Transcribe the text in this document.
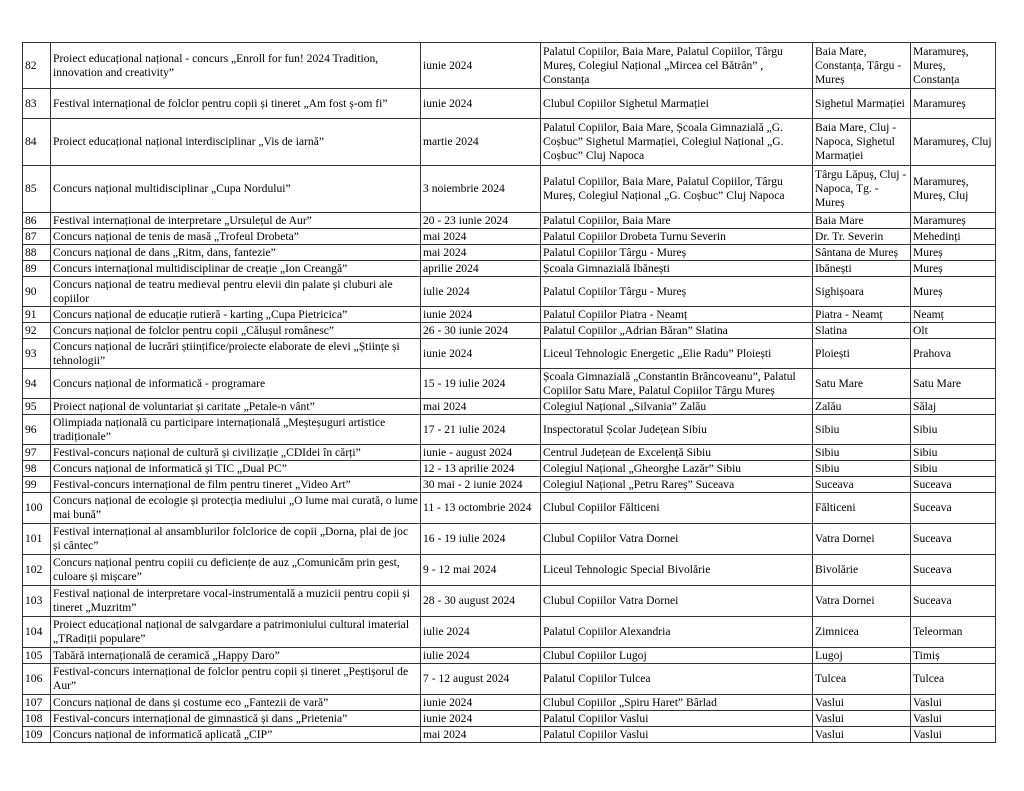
82	Proiect educațional național - concurs „Enroll for fun! 2024 Tradition, innovation and creativity”	iunie 2024	Palatul Copiilor, Baia Mare, Palatul Copiilor, Târgu Mureș, Colegiul Național „Mircea cel Bătrân” , Constanța	Baia Mare, Constanța, Târgu - Mureș	Maramureș, Mureș, Constanța
83	Festival internațional de folclor pentru copii și tineret „Am fost ș-om fi”	iunie 2024	Clubul Copiilor Sighetul Marmației	Sighetul Marmației	Maramureș
84	Proiect educațional național interdisciplinar „Vis de iarnă”	martie 2024	Palatul Copiilor, Baia Mare, Școala Gimnazială „G. Coșbuc” Sighetul Marmației, Colegiul Național „G. Coșbuc” Cluj Napoca	Baia Mare, Cluj - Napoca, Sighetul Marmației	Maramureș, Cluj
85	Concurs național multidisciplinar „Cupa Nordului”	3 noiembrie 2024	Palatul Copiilor, Baia Mare, Palatul Copiilor, Târgu Mureș, Colegiul Național „G. Coșbuc” Cluj Napoca	Târgu Lăpuș, Cluj - Napoca, Tg. - Mureș	Maramureș, Mureș, Cluj
86	Festival internațional de interpretare „Ursulețul de Aur”	20 - 23 iunie 2024	Palatul Copiilor, Baia Mare	Baia Mare	Maramureș
87	Concurs național de tenis de masă „Trofeul Drobeta”	mai 2024	Palatul Copiilor Drobeta Turnu Severin	Dr. Tr. Severin	Mehedinți
88	Concurs național de dans „Ritm, dans, fantezie”	mai 2024	Palatul Copiilor Târgu - Mureș	Sântana de Mureș	Mureș
89	Concurs internațional multidisciplinar de creație „Ion Creangă”	aprilie 2024	Școala Gimnazială Ibănești	Ibănești	Mureș
90	Concurs național de teatru medieval pentru elevii din palate și cluburi ale copiilor	iulie 2024	Palatul Copiilor Târgu - Mureș	Sighișoara	Mureș
91	Concurs național de educație rutieră - karting „Cupa Pietricica”	iunie 2024	Palatul Copiilor Piatra - Neamț	Piatra - Neamț	Neamț
92	Concurs național de folclor pentru copii „Călușul românesc”	26 - 30 iunie 2024	Palatul Copiilor „Adrian Băran” Slatina	Slatina	Olt
93	Concurs național de lucrări științifice/proiecte elaborate de elevi „Științe și tehnologii”	iunie 2024	Liceul Tehnologic Energetic „Elie Radu” Ploiești	Ploiești	Prahova
94	Concurs național de informatică - programare	15 - 19 iulie 2024	Școala Gimnazială „Constantin Brâncoveanu”, Palatul Copiilor Satu Mare, Palatul Copiilor Târgu Mureș	Satu Mare	Satu Mare
95	Proiect național de voluntariat și caritate „Petale-n vânt”	mai 2024	Colegiul Național „Silvania” Zalău	Zalău	Sălaj
96	Olimpiada națională cu participare internațională „Meșteșuguri artistice tradiționale”	17 - 21 iulie 2024	Inspectoratul Școlar Județean Sibiu	Sibiu	Sibiu
97	Festival-concurs național de cultură și civilizație „CDIdei în cărți”	iunie - august 2024	Centrul Județean de Excelență Sibiu	Sibiu	Sibiu
98	Concurs național de informatică și TIC „Dual PC”	12 - 13 aprilie 2024	Colegiul Național „Gheorghe Lazăr” Sibiu	Sibiu	Sibiu
99	Festival-concurs internațional de film pentru tineret „Video Art”	30 mai - 2 iunie 2024	Colegiul Național „Petru Rareș” Suceava	Suceava	Suceava
100	Concurs național de ecologie și protecția mediului „O lume mai curată, o lume mai bună”	11 - 13 octombrie 2024	Clubul Copiilor Fălticeni	Fălticeni	Suceava
101	Festival internațional al ansamblurilor folclorice de copii „Dorna, plai de joc și cântec”	16 - 19 iulie 2024	Clubul Copiilor Vatra Dornei	Vatra Dornei	Suceava
102	Concurs național pentru copiii cu deficiențe de auz „Comunicăm prin gest, culoare și mișcare”	9 - 12 mai 2024	Liceul Tehnologic Special Bivolărie	Bivolărie	Suceava
103	Festival național de interpretare vocal-instrumentală a muzicii pentru copii și tineret „Muzritm”	28 - 30 august 2024	Clubul Copiilor Vatra Dornei	Vatra Dornei	Suceava
104	Proiect educațional național de salvgardare a patrimoniului cultural imaterial „TRadiții populare”	iulie 2024	Palatul Copiilor Alexandria	Zimnicea	Teleorman
105	Tabără internațională de ceramică „Happy Daro”	iulie 2024	Clubul Copiilor Lugoj	Lugoj	Timiș
106	Festival-concurs internațional de folclor pentru copii și tineret „Peștișorul de Aur”	7 - 12 august 2024	Palatul Copiilor Tulcea	Tulcea	Tulcea
107	Concurs național de dans și costume eco „Fantezii de vară”	iunie 2024	Clubul Copiilor „Spiru Haret” Bârlad	Vaslui	Vaslui
108	Festival-concurs internațional de gimnastică și dans „Prietenia”	iunie 2024	Palatul Copiilor Vaslui	Vaslui	Vaslui
109	Concurs național de informatică aplicată „CIP”	mai 2024	Palatul Copiilor Vaslui	Vaslui	Vaslui
